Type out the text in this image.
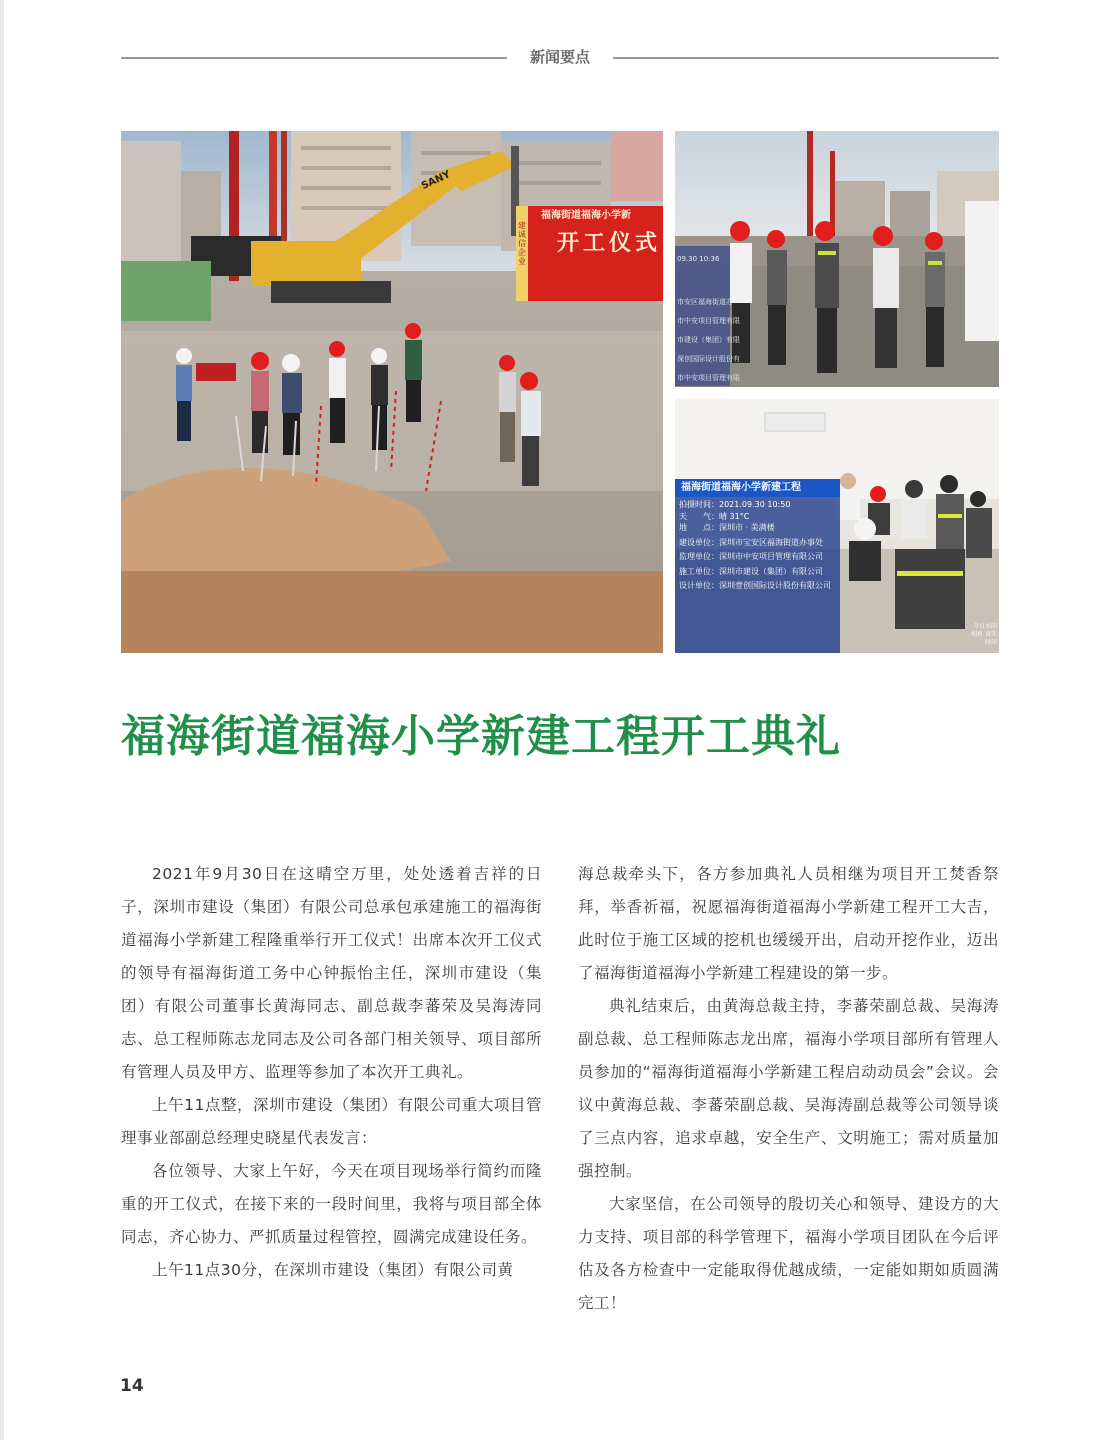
新闻要点
福海街道福海小学新
开工仪式
建诚信企业
SANY
09.30 10:36
市安区福海街道办
市中安项目管理有限
市建设（集团）有限
深创国际设计股份有
市中安项目管理有限
福海街道福海小学新建工程
拍摄时间：2021.09.30 10:50
天　　气：晴 31°C
地　　点：深圳市 · 美满楼
建设单位：深圳市宝安区福海街道办事处
监理单位：深圳市中安项目管理有限公司
施工单位：深圳市建设（集团）有限公司
设计单位：深圳壹创国际设计股份有限公司
今日水印 相机 真实时间
福海街道福海小学新建工程开工典礼

2021年9月30日在这晴空万里，处处透着吉祥的日子，深圳市建设（集团）有限公司总承包承建施工的福海街道福海小学新建工程隆重举行开工仪式！出席本次开工仪式的领导有福海街道工务中心钟振怡主任，深圳市建设（集团）有限公司董事长黄海同志、副总裁李蕃荣及吴海涛同志、总工程师陈志龙同志及公司各部门相关领导、项目部所有管理人员及甲方、监理等参加了本次开工典礼。

上午11点整，深圳市建设（集团）有限公司重大项目管理事业部副总经理史晓星代表发言：

各位领导、大家上午好，今天在项目现场举行简约而隆重的开工仪式，在接下来的一段时间里，我将与项目部全体同志，齐心协力、严抓质量过程管控，圆满完成建设任务。

上午11点30分，在深圳市建设（集团）有限公司黄

海总裁牵头下，各方参加典礼人员相继为项目开工焚香祭拜，举香祈福，祝愿福海街道福海小学新建工程开工大吉，此时位于施工区域的挖机也缓缓开出，启动开挖作业，迈出了福海街道福海小学新建工程建设的第一步。

典礼结束后，由黄海总裁主持，李蕃荣副总裁、吴海涛副总裁、总工程师陈志龙出席，福海小学项目部所有管理人员参加的“福海街道福海小学新建工程启动动员会”会议。会议中黄海总裁、李蕃荣副总裁、吴海涛副总裁等公司领导谈了三点内容，追求卓越，安全生产、文明施工；需对质量加强控制。

大家坚信，在公司领导的殷切关心和领导、建设方的大力支持、项目部的科学管理下，福海小学项目团队在今后评估及各方检查中一定能取得优越成绩，一定能如期如质圆满完工！

14
